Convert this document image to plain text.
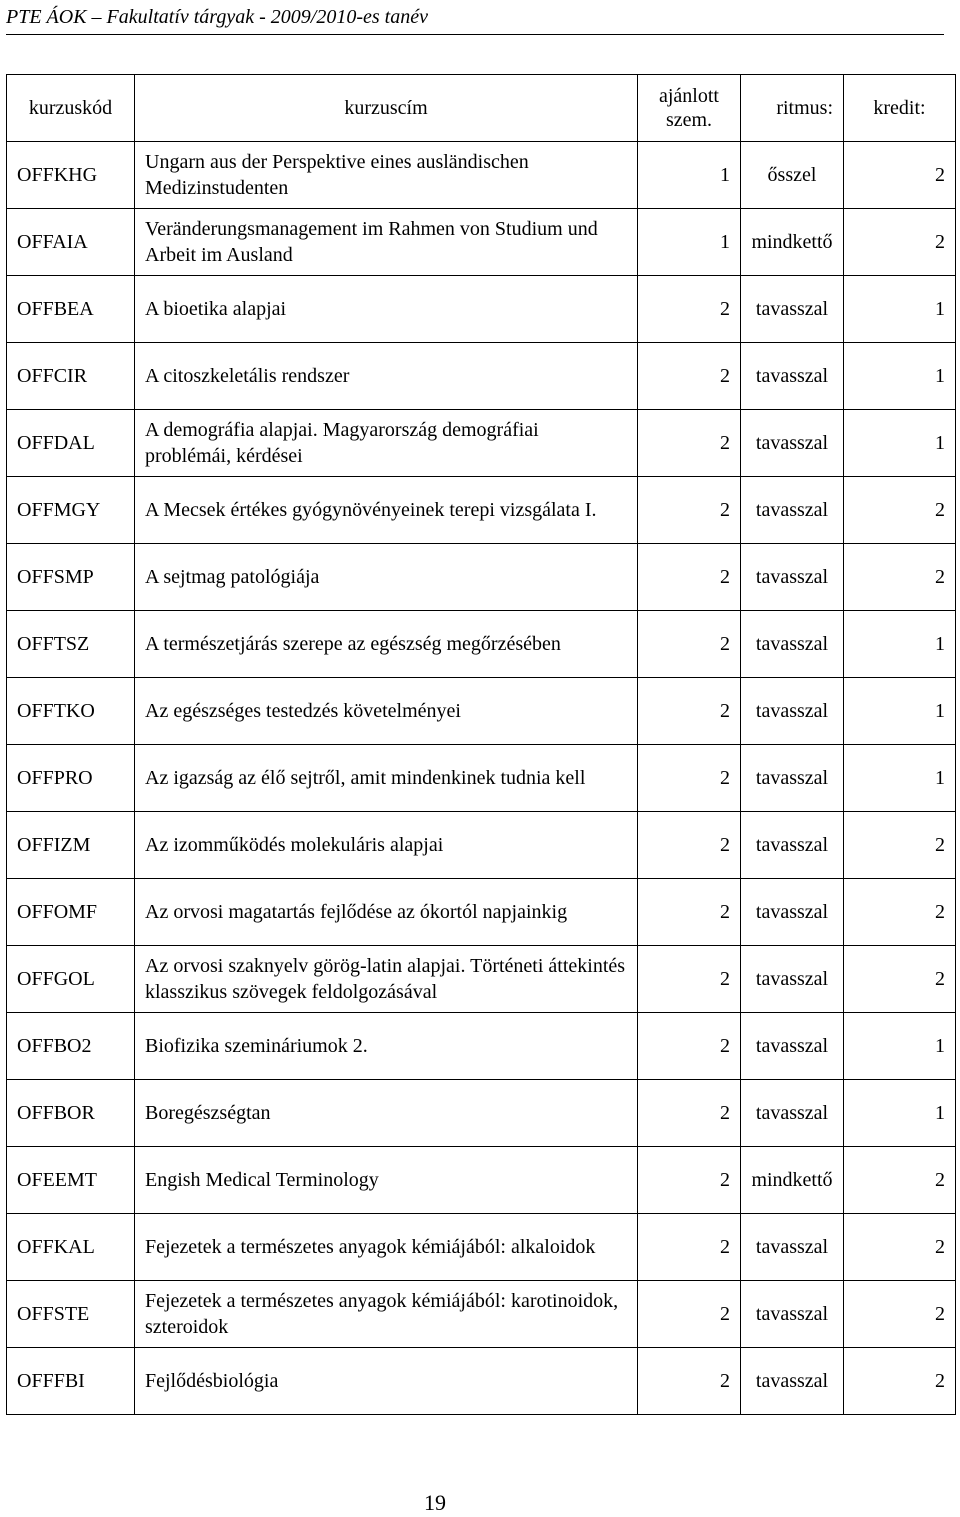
PTE ÁOK – Fakultatív tárgyak - 2009/2010-es tanév
kurzuskód	kurzuscím	ajánlott szem.	ritmus:	kredit:
OFFKHG	Ungarn aus der Perspektive eines ausländischen Medizinstudenten	1	ősszel	2
OFFAIA	Veränderungsmanagement im Rahmen von Studium und Arbeit im Ausland	1	mindkettő	2
OFFBEA	A bioetika alapjai	2	tavasszal	1
OFFCIR	A citoszkeletális rendszer	2	tavasszal	1
OFFDAL	A demográfia alapjai. Magyarország demográfiai problémái, kérdései	2	tavasszal	1
OFFMGY	A Mecsek értékes gyógynövényeinek terepi vizsgálata I.	2	tavasszal	2
OFFSMP	A sejtmag patológiája	2	tavasszal	2
OFFTSZ	A természetjárás szerepe az egészség megőrzésében	2	tavasszal	1
OFFTKO	Az egészséges testedzés követelményei	2	tavasszal	1
OFFPRO	Az igazság az élő sejtről, amit mindenkinek tudnia kell	2	tavasszal	1
OFFIZM	Az izomműködés molekuláris alapjai	2	tavasszal	2
OFFOMF	Az orvosi magatartás fejlődése az ókortól napjainkig	2	tavasszal	2
OFFGOL	Az orvosi szaknyelv görög-latin alapjai. Történeti áttekintés klasszikus szövegek feldolgozásával	2	tavasszal	2
OFFBO2	Biofizika szemináriumok 2.	2	tavasszal	1
OFFBOR	Boregészségtan	2	tavasszal	1
OFEEMT	Engish Medical Terminology	2	mindkettő	2
OFFKAL	Fejezetek a természetes anyagok kémiájából: alkaloidok	2	tavasszal	2
OFFSTE	Fejezetek a természetes anyagok kémiájából: karotinoidok, szteroidok	2	tavasszal	2
OFFFBI	Fejlődésbiológia	2	tavasszal	2
19
